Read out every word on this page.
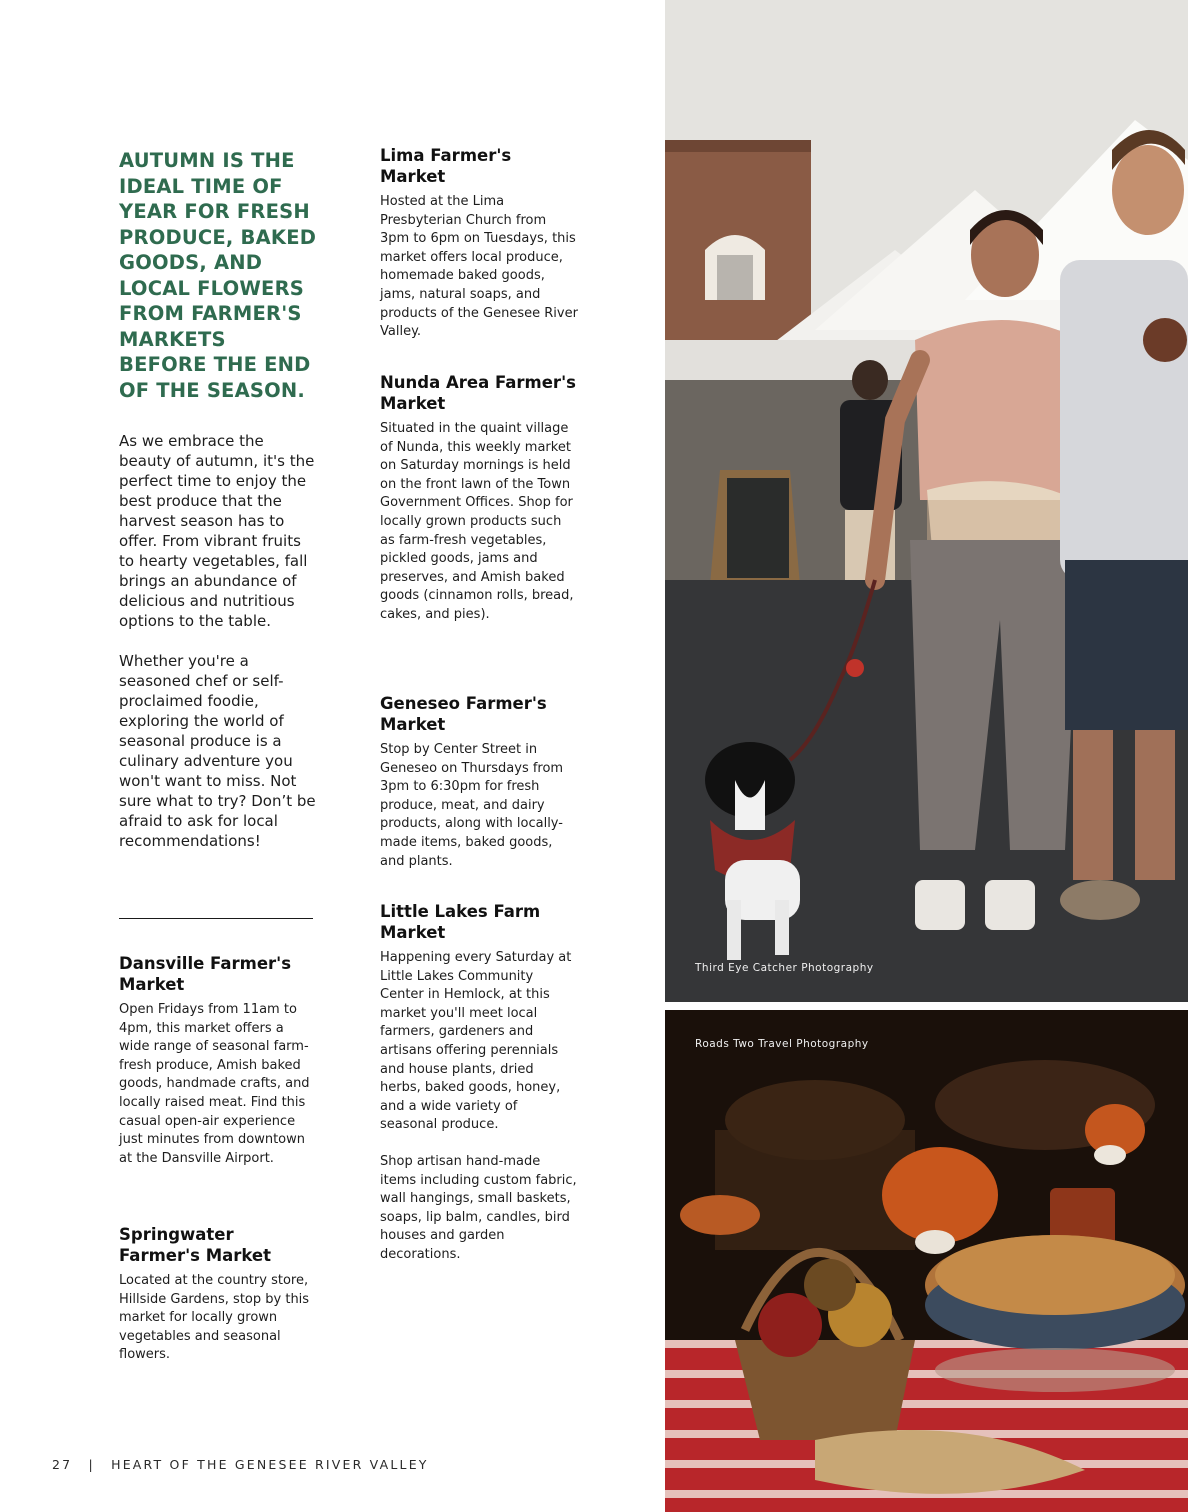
AUTUMN IS THE IDEAL TIME OF YEAR FOR FRESH PRODUCE, BAKED GOODS, AND LOCAL FLOWERS FROM FARMER'S MARKETS BEFORE THE END OF THE SEASON.

As we embrace the beauty of autumn, it's the perfect time to enjoy the best produce that the harvest season has to offer. From vibrant fruits to hearty vegetables, fall brings an abundance of delicious and nutritious options to the table.

Whether you're a seasoned chef or self-proclaimed foodie, exploring the world of seasonal produce is a culinary adventure you won't want to miss. Not sure what to try? Don’t be afraid to ask for local recommendations!

Dansville Farmer's Market

Open Fridays from 11am to 4pm, this market offers a wide range of seasonal farm-fresh produce, Amish baked goods, handmade crafts, and locally raised meat. Find this casual open-air experience just minutes from downtown at the Dansville Airport.

Springwater Farmer's Market

Located at the country store, Hillside Gardens, stop by this market for locally grown vegetables and seasonal flowers.

Lima Farmer's Market

Hosted at the Lima Presbyterian Church from 3pm to 6pm on Tuesdays, this market offers local produce, homemade baked goods, jams, natural soaps, and products of the Genesee River Valley.

Nunda Area Farmer's Market

Situated in the quaint village of Nunda, this weekly market on Saturday mornings is held on the front lawn of the Town Government Offices. Shop for locally grown products such as farm-fresh vegetables, pickled goods, jams and preserves, and Amish baked goods (cinnamon rolls, bread, cakes, and pies).

Geneseo Farmer's Market

Stop by Center Street in Geneseo on Thursdays from 3pm to 6:30pm for fresh produce, meat, and dairy products, along with locally-made items, baked goods, and plants.

Little Lakes Farm Market

Happening every Saturday at Little Lakes Community Center in Hemlock, at this market you'll meet local farmers, gardeners and artisans offering perennials and house plants, dried herbs, baked goods, honey, and a wide variety of seasonal produce.

Shop artisan hand-made items including custom fabric, wall hangings, small baskets, soaps, lip balm, candles, bird houses and garden decorations.

Third Eye Catcher Photography
Roads Two Travel Photography
27 | HEART OF THE GENESEE RIVER VALLEY
